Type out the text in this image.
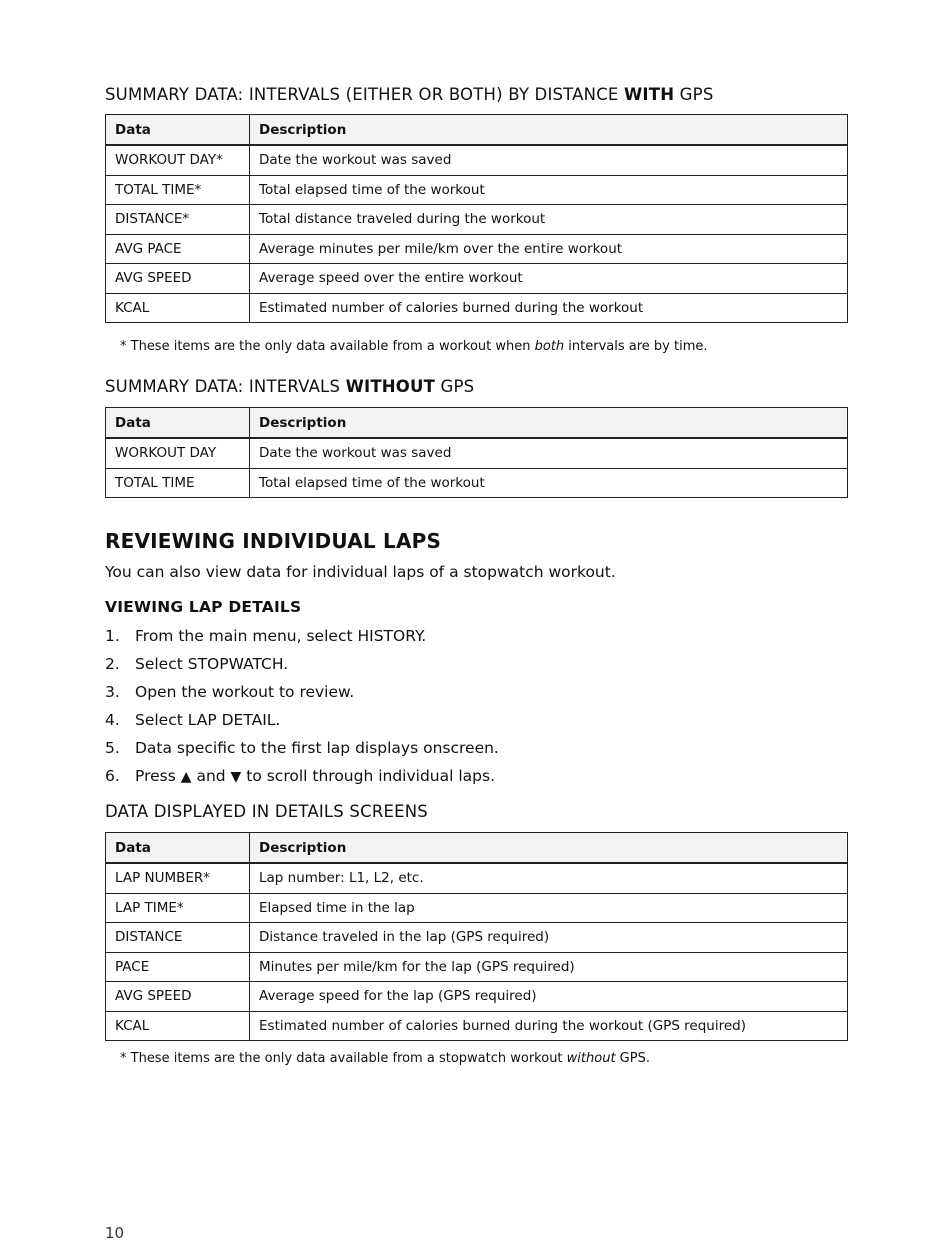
SUMMARY DATA: INTERVALS (EITHER OR BOTH) BY DISTANCE WITH GPS
Data	Description
WORKOUT DAY*	Date the workout was saved
TOTAL TIME*	Total elapsed time of the workout
DISTANCE*	Total distance traveled during the workout
AVG PACE	Average minutes per mile/km over the entire workout
AVG SPEED	Average speed over the entire workout
KCAL	Estimated number of calories burned during the workout
* These items are the only data available from a workout when both intervals are by time.
SUMMARY DATA: INTERVALS WITHOUT GPS
Data	Description
WORKOUT DAY	Date the workout was saved
TOTAL TIME	Total elapsed time of the workout
REVIEWING INDIVIDUAL LAPS

You can also view data for individual laps of a stopwatch workout.

VIEWING LAP DETAILS
1. From the main menu, select HISTORY.
2. Select STOPWATCH.
3. Open the workout to review.
4. Select LAP DETAIL.
5. Data specific to the first lap displays onscreen.
6. Press ▲ and ▼ to scroll through individual laps.
DATA DISPLAYED IN DETAILS SCREENS
Data	Description
LAP NUMBER*	Lap number: L1, L2, etc.
LAP TIME*	Elapsed time in the lap
DISTANCE	Distance traveled in the lap (GPS required)
PACE	Minutes per mile/km for the lap (GPS required)
AVG SPEED	Average speed for the lap (GPS required)
KCAL	Estimated number of calories burned during the workout (GPS required)
* These items are the only data available from a stopwatch workout without GPS.
10
